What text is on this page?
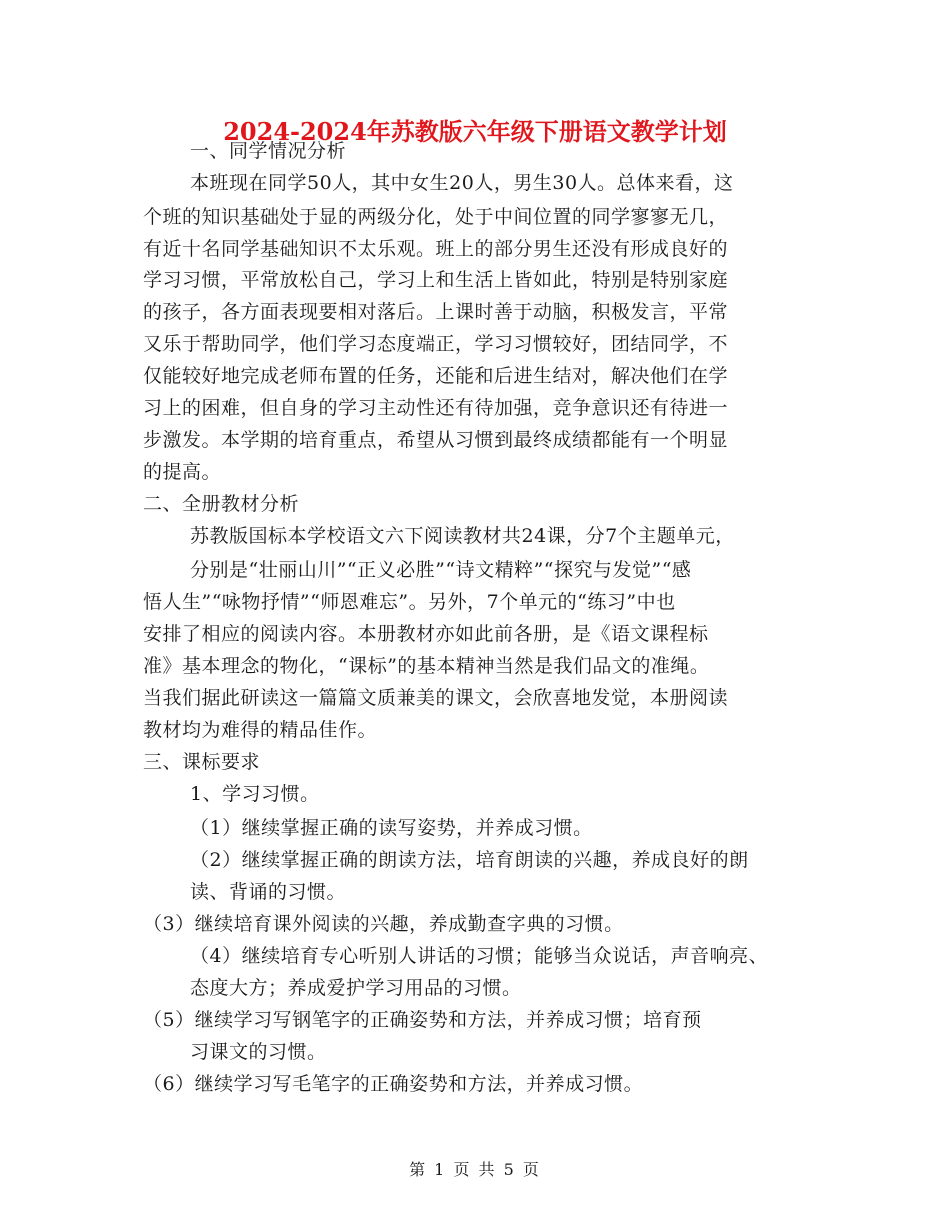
2024-2024年苏教版六年级下册语文教学计划
一、同学情况分析
本班现在同学50人，其中女生20人，男生30人。总体来看，这
个班的知识基础处于显的两级分化，处于中间位置的同学寥寥无几，
有近十名同学基础知识不太乐观。班上的部分男生还没有形成良好的
学习习惯，平常放松自己，学习上和生活上皆如此，特别是特别家庭
的孩子，各方面表现要相对落后。上课时善于动脑，积极发言，平常
又乐于帮助同学，他们学习态度端正，学习习惯较好，团结同学，不
仅能较好地完成老师布置的任务，还能和后进生结对，解决他们在学
习上的困难，但自身的学习主动性还有待加强，竞争意识还有待进一
步激发。本学期的培育重点，希望从习惯到最终成绩都能有一个明显
的提高。
二、全册教材分析
苏教版国标本学校语文六下阅读教材共24课，分7个主题单元，
分别是“壮丽山川”“正义必胜”“诗文精粹”“探究与发觉”“感
悟人生”“咏物抒情”“师恩难忘”。另外，7个单元的“练习”中也
安排了相应的阅读内容。本册教材亦如此前各册，是《语文课程标
准》基本理念的物化，“课标”的基本精神当然是我们品文的准绳。
当我们据此研读这一篇篇文质兼美的课文，会欣喜地发觉，本册阅读
教材均为难得的精品佳作。
三、课标要求
1、学习习惯。
（1）继续掌握正确的读写姿势，并养成习惯。
（2）继续掌握正确的朗读方法，培育朗读的兴趣，养成良好的朗
读、背诵的习惯。
（3）继续培育课外阅读的兴趣，养成勤查字典的习惯。
（4）继续培育专心听别人讲话的习惯；能够当众说话，声音响亮、
态度大方；养成爱护学习用品的习惯。
（5）继续学习写钢笔字的正确姿势和方法，并养成习惯；培育预
习课文的习惯。
（6）继续学习写毛笔字的正确姿势和方法，并养成习惯。
第 1 页 共 5 页
